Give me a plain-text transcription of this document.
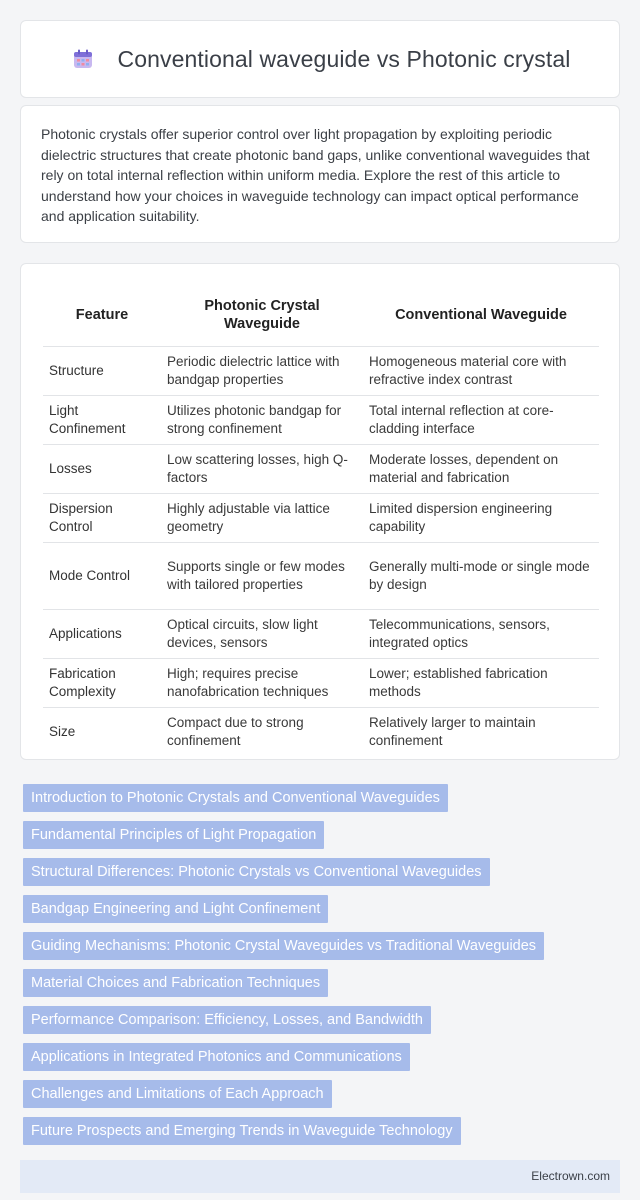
Conventional waveguide vs Photonic crystal

Photonic crystals offer superior control over light propagation by exploiting periodic dielectric structures that create photonic band gaps, unlike conventional waveguides that rely on total internal reflection within uniform media. Explore the rest of this article to understand how your choices in waveguide technology can impact optical performance and application suitability.

Feature	Photonic Crystal Waveguide	Conventional Waveguide
Structure	Periodic dielectric lattice with bandgap properties	Homogeneous material core with refractive index contrast
Light Confinement	Utilizes photonic bandgap for strong confinement	Total internal reflection at core-cladding interface
Losses	Low scattering losses, high Q-factors	Moderate losses, dependent on material and fabrication
Dispersion Control	Highly adjustable via lattice geometry	Limited dispersion engineering capability
Mode Control	Supports single or few modes with tailored properties	Generally multi-mode or single mode by design
Applications	Optical circuits, slow light devices, sensors	Telecommunications, sensors, integrated optics
Fabrication Complexity	High; requires precise nanofabrication techniques	Lower; established fabrication methods
Size	Compact due to strong confinement	Relatively larger to maintain confinement
Introduction to Photonic Crystals and Conventional Waveguides
Fundamental Principles of Light Propagation
Structural Differences: Photonic Crystals vs Conventional Waveguides
Bandgap Engineering and Light Confinement
Guiding Mechanisms: Photonic Crystal Waveguides vs Traditional Waveguides
Material Choices and Fabrication Techniques
Performance Comparison: Efficiency, Losses, and Bandwidth
Applications in Integrated Photonics and Communications
Challenges and Limitations of Each Approach
Future Prospects and Emerging Trends in Waveguide Technology
Electrown.com
